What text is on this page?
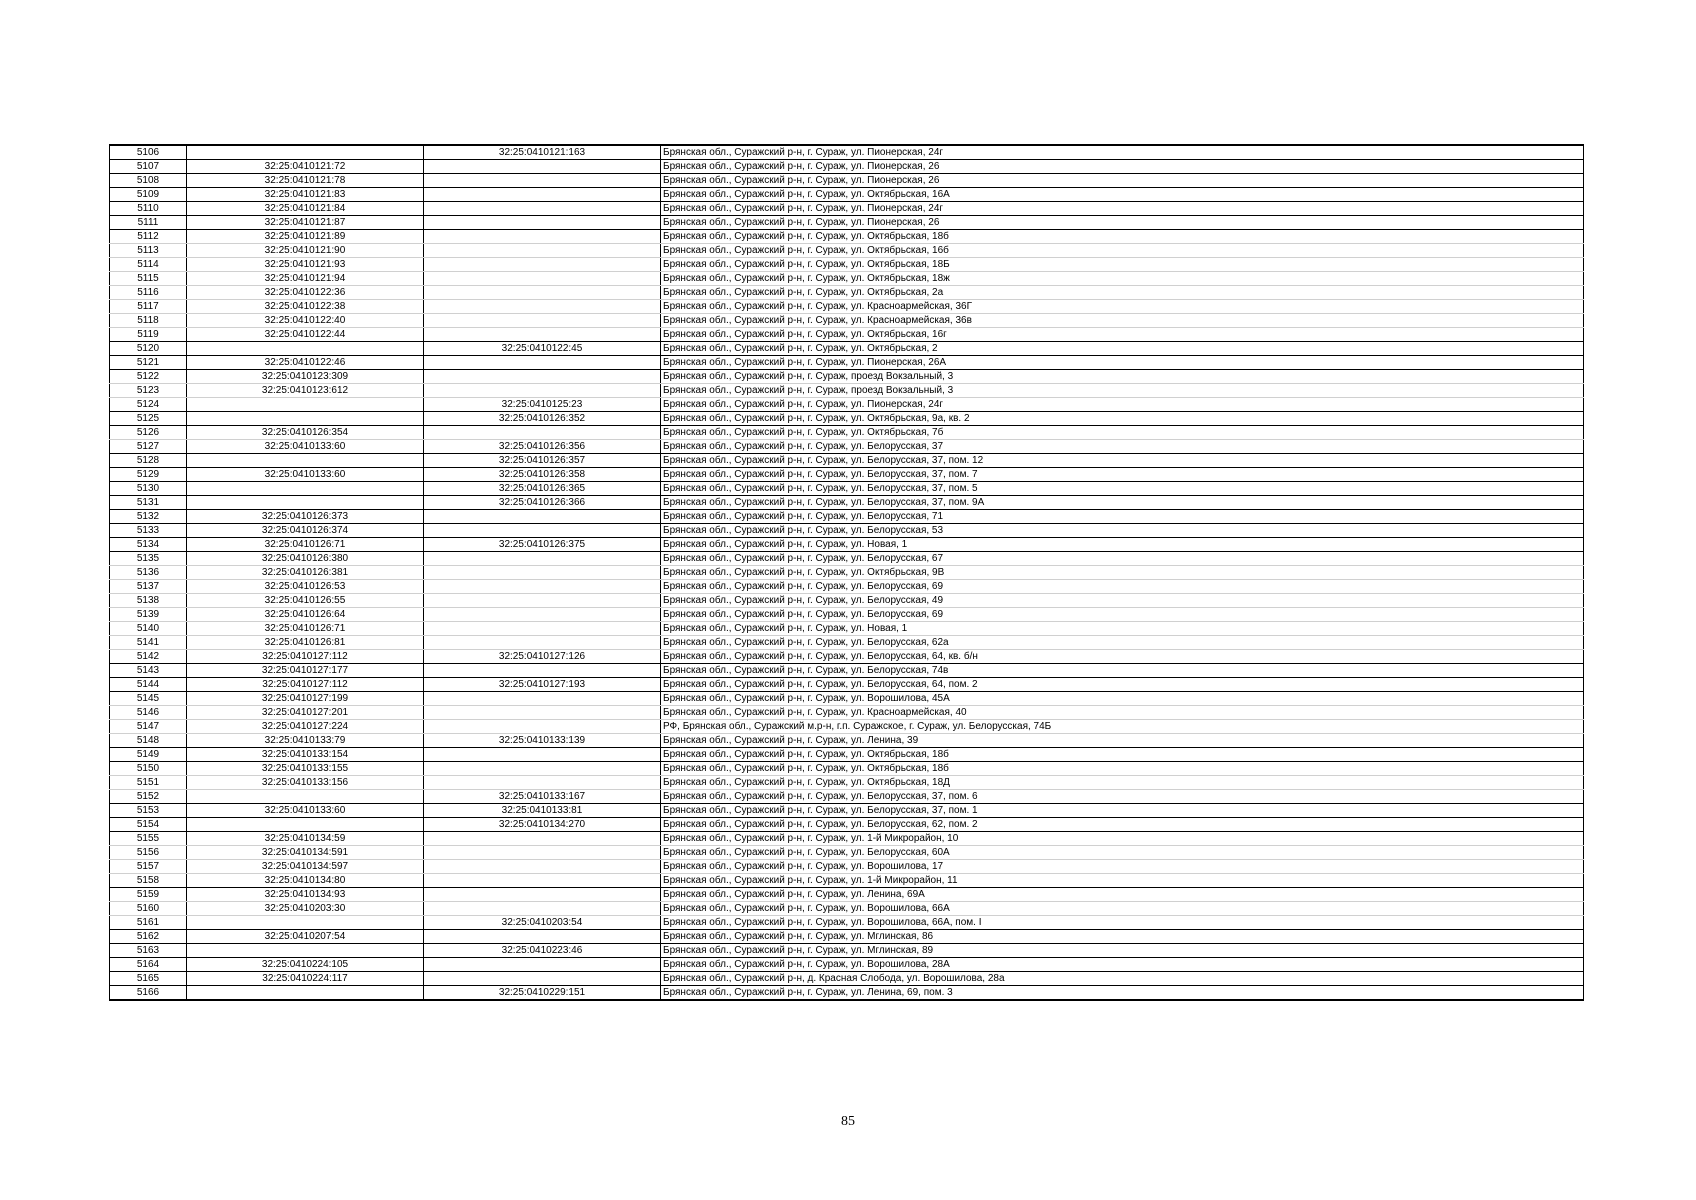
5106		32:25:0410121:163	Брянская обл., Суражский р-н, г. Сураж, ул. Пионерская, 24г
5107	32:25:0410121:72		Брянская обл., Суражский р-н, г. Сураж, ул. Пионерская, 26
5108	32:25:0410121:78		Брянская обл., Суражский р-н, г. Сураж, ул. Пионерская, 26
5109	32:25:0410121:83		Брянская обл., Суражский р-н, г. Сураж, ул. Октябрьская, 16А
5110	32:25:0410121:84		Брянская обл., Суражский р-н, г. Сураж, ул. Пионерская, 24г
5111	32:25:0410121:87		Брянская обл., Суражский р-н, г. Сураж, ул. Пионерская, 26
5112	32:25:0410121:89		Брянская обл., Суражский р-н, г. Сураж, ул. Октябрьская, 18б
5113	32:25:0410121:90		Брянская обл., Суражский р-н, г. Сураж, ул. Октябрьская, 16б
5114	32:25:0410121:93		Брянская обл., Суражский р-н, г. Сураж, ул. Октябрьская, 18Б
5115	32:25:0410121:94		Брянская обл., Суражский р-н, г. Сураж, ул. Октябрьская, 18ж
5116	32:25:0410122:36		Брянская обл., Суражский р-н, г. Сураж, ул. Октябрьская, 2а
5117	32:25:0410122:38		Брянская обл., Суражский р-н, г. Сураж, ул. Красноармейская, 36Г
5118	32:25:0410122:40		Брянская обл., Суражский р-н, г. Сураж, ул. Красноармейская, 36в
5119	32:25:0410122:44		Брянская обл., Суражский р-н, г. Сураж, ул. Октябрьская, 16г
5120		32:25:0410122:45	Брянская обл., Суражский р-н, г. Сураж, ул. Октябрьская, 2
5121	32:25:0410122:46		Брянская обл., Суражский р-н, г. Сураж, ул. Пионерская, 26А
5122	32:25:0410123:309		Брянская обл., Суражский р-н, г. Сураж, проезд Вокзальный, 3
5123	32:25:0410123:612		Брянская обл., Суражский р-н, г. Сураж, проезд Вокзальный, 3
5124		32:25:0410125:23	Брянская обл., Суражский р-н, г. Сураж, ул. Пионерская, 24г
5125		32:25:0410126:352	Брянская обл., Суражский р-н, г. Сураж, ул. Октябрьская, 9а, кв. 2
5126	32:25:0410126:354		Брянская обл., Суражский р-н, г. Сураж, ул. Октябрьская, 7б
5127	32:25:0410133:60	32:25:0410126:356	Брянская обл., Суражский р-н, г. Сураж, ул. Белорусская, 37
5128		32:25:0410126:357	Брянская обл., Суражский р-н, г. Сураж, ул. Белорусская, 37, пом. 12
5129	32:25:0410133:60	32:25:0410126:358	Брянская обл., Суражский р-н, г. Сураж, ул. Белорусская, 37, пом. 7
5130		32:25:0410126:365	Брянская обл., Суражский р-н, г. Сураж, ул. Белорусская, 37, пом. 5
5131		32:25:0410126:366	Брянская обл., Суражский р-н, г. Сураж, ул. Белорусская, 37, пом. 9А
5132	32:25:0410126:373		Брянская обл., Суражский р-н, г. Сураж, ул. Белорусская, 71
5133	32:25:0410126:374		Брянская обл., Суражский р-н, г. Сураж, ул. Белорусская, 53
5134	32:25:0410126:71	32:25:0410126:375	Брянская обл., Суражский р-н, г. Сураж, ул. Новая, 1
5135	32:25:0410126:380		Брянская обл., Суражский р-н, г. Сураж, ул. Белорусская, 67
5136	32:25:0410126:381		Брянская обл., Суражский р-н, г. Сураж, ул. Октябрьская, 9В
5137	32:25:0410126:53		Брянская обл., Суражский р-н, г. Сураж, ул. Белорусская, 69
5138	32:25:0410126:55		Брянская обл., Суражский р-н, г. Сураж, ул. Белорусская, 49
5139	32:25:0410126:64		Брянская обл., Суражский р-н, г. Сураж, ул. Белорусская, 69
5140	32:25:0410126:71		Брянская обл., Суражский р-н, г. Сураж, ул. Новая, 1
5141	32:25:0410126:81		Брянская обл., Суражский р-н, г. Сураж, ул. Белорусская, 62а
5142	32:25:0410127:112	32:25:0410127:126	Брянская обл., Суражский р-н, г. Сураж, ул. Белорусская, 64, кв. б/н
5143	32:25:0410127:177		Брянская обл., Суражский р-н, г. Сураж, ул. Белорусская, 74в
5144	32:25:0410127:112	32:25:0410127:193	Брянская обл., Суражский р-н, г. Сураж, ул. Белорусская, 64, пом. 2
5145	32:25:0410127:199		Брянская обл., Суражский р-н, г. Сураж, ул. Ворошилова, 45А
5146	32:25:0410127:201		Брянская обл., Суражский р-н, г. Сураж, ул. Красноармейская, 40
5147	32:25:0410127:224		РФ, Брянская обл., Суражский м.р-н, г.п. Суражское, г. Сураж, ул. Белорусская, 74Б
5148	32:25:0410133:79	32:25:0410133:139	Брянская обл., Суражский р-н, г. Сураж, ул. Ленина, 39
5149	32:25:0410133:154		Брянская обл., Суражский р-н, г. Сураж, ул. Октябрьская, 18б
5150	32:25:0410133:155		Брянская обл., Суражский р-н, г. Сураж, ул. Октябрьская, 18б
5151	32:25:0410133:156		Брянская обл., Суражский р-н, г. Сураж, ул. Октябрьская, 18Д
5152		32:25:0410133:167	Брянская обл., Суражский р-н, г. Сураж, ул. Белорусская, 37, пом. 6
5153	32:25:0410133:60	32:25:0410133:81	Брянская обл., Суражский р-н, г. Сураж, ул. Белорусская, 37, пом. 1
5154		32:25:0410134:270	Брянская обл., Суражский р-н, г. Сураж, ул. Белорусская, 62, пом. 2
5155	32:25:0410134:59		Брянская обл., Суражский р-н, г. Сураж, ул. 1-й Микрорайон, 10
5156	32:25:0410134:591		Брянская обл., Суражский р-н, г. Сураж, ул. Белорусская, 60А
5157	32:25:0410134:597		Брянская обл., Суражский р-н, г. Сураж, ул. Ворошилова, 17
5158	32:25:0410134:80		Брянская обл., Суражский р-н, г. Сураж, ул. 1-й Микрорайон, 11
5159	32:25:0410134:93		Брянская обл., Суражский р-н, г. Сураж, ул. Ленина, 69А
5160	32:25:0410203:30		Брянская обл., Суражский р-н, г. Сураж, ул. Ворошилова, 66А
5161		32:25:0410203:54	Брянская обл., Суражский р-н, г. Сураж, ул. Ворошилова, 66А, пом. I
5162	32:25:0410207:54		Брянская обл., Суражский р-н, г. Сураж, ул. Мглинская, 86
5163		32:25:0410223:46	Брянская обл., Суражский р-н, г. Сураж, ул. Мглинская, 89
5164	32:25:0410224:105		Брянская обл., Суражский р-н, г. Сураж, ул. Ворошилова, 28А
5165	32:25:0410224:117		Брянская обл., Суражский р-н, д. Красная Слобода, ул. Ворошилова, 28а
5166		32:25:0410229:151	Брянская обл., Суражский р-н, г. Сураж, ул. Ленина, 69, пом. 3
85
